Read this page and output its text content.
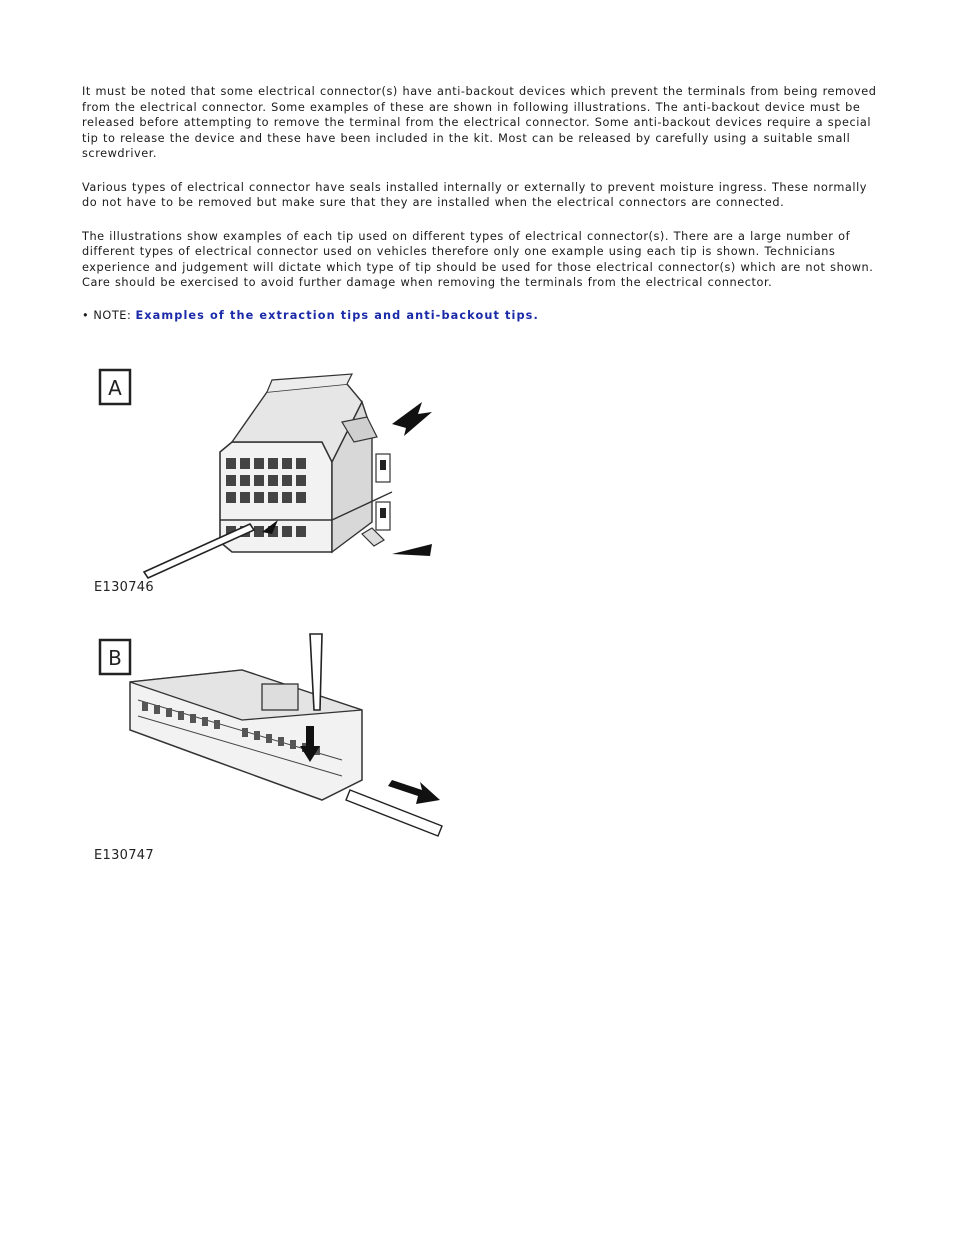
It must be noted that some electrical connector(s) have anti-backout devices which prevent the terminals from being removed from the electrical connector. Some examples of these are shown in following illustrations. The anti-backout device must be released before attempting to remove the terminal from the electrical connector. Some anti-backout devices require a special tip to release the device and these have been included in the kit. Most can be released by carefully using a suitable small screwdriver.

Various types of electrical connector have seals installed internally or externally to prevent moisture ingress. These normally do not have to be removed but make sure that they are installed when the electrical connectors are connected.

The illustrations show examples of each tip used on different types of electrical connector(s). There are a large number of different types of electrical connector used on vehicles therefore only one example using each tip is shown. Technicians experience and judgement will dictate which type of tip should be used for those electrical connector(s) which are not shown. Care should be exercised to avoid further damage when removing the terminals from the electrical connector.

• NOTE: Examples of the extraction tips and anti-backout tips.
A
E130746
B
E130747
